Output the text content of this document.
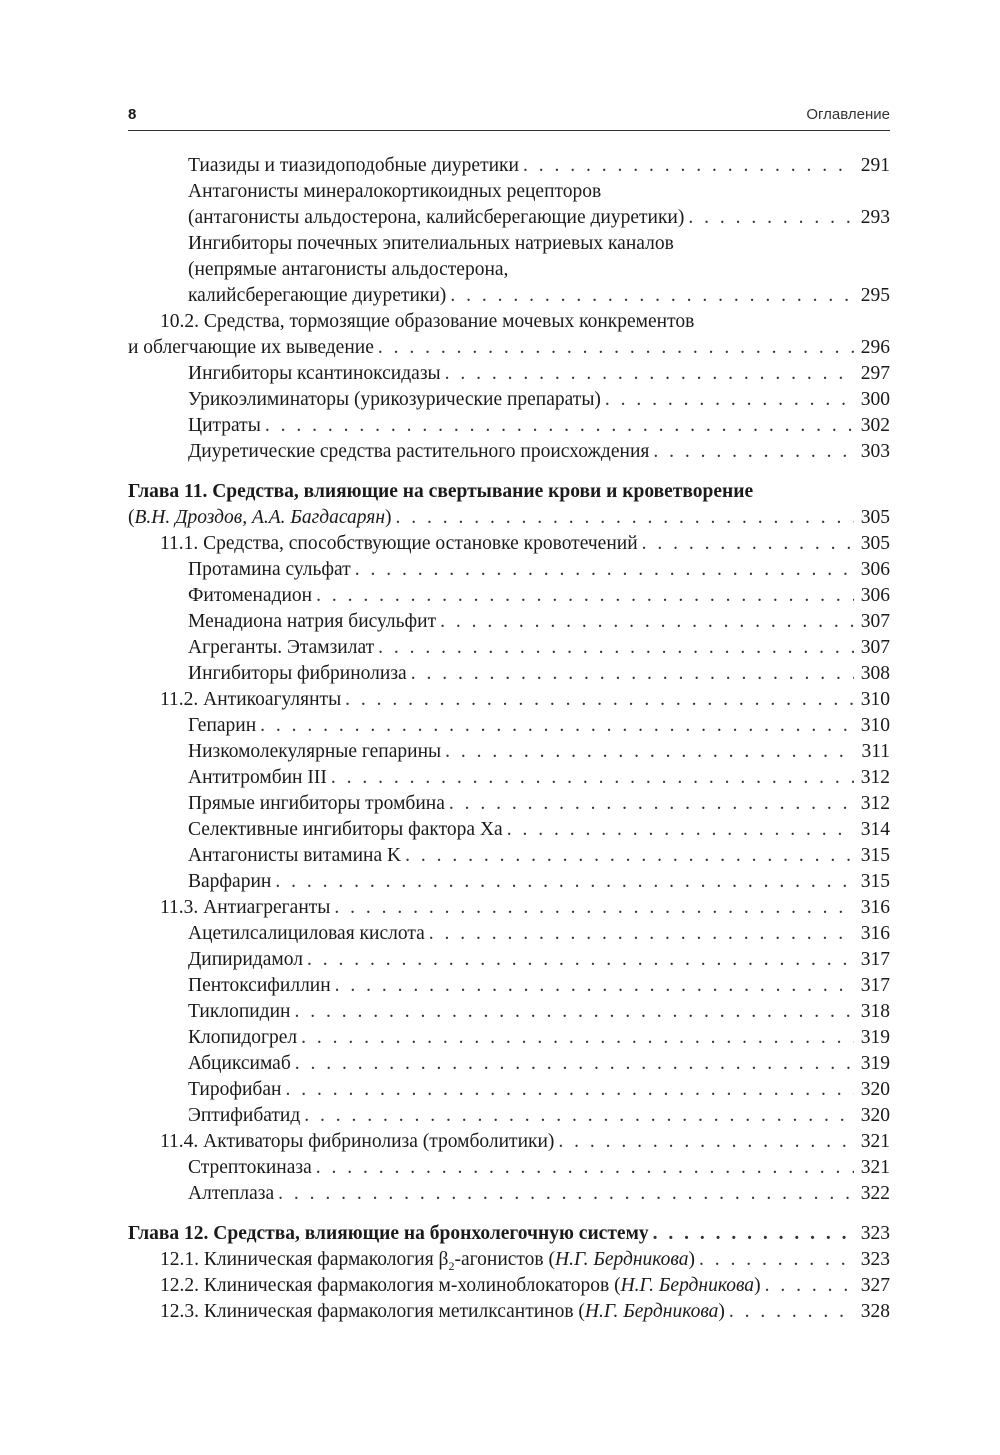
8	Оглавление
Тиазиды и тиазидоподобные диуретики . . .	291
Антагонисты минералокортикоидных рецепторов
(антагонисты альдостерона, калийсберегающие диуретики) . . .	293
Ингибиторы почечных эпителиальных натриевых каналов
(непрямые антагонисты альдостерона,
калийсберегающие диуретики) . . .	295
10.2. Средства, тормозящие образование мочевых конкрементов
и облегчающие их выведение . . .	296
Ингибиторы ксантиноксидазы . . .	297
Урикоэлиминаторы (урикозурические препараты) . . .	300
Цитраты . . .	302
Диуретические средства растительного происхождения . . .	303
Глава 11. Средства, влияющие на свертывание крови и кроветворение
(В.Н. Дроздов, А.А. Багдасарян) . . .	305
11.1. Средства, способствующие остановке кровотечений . . .	305
Протамина сульфат . . .	306
Фитоменадион . . .	306
Менадиона натрия бисульфит . . .	307
Агреганты. Этамзилат . . .	307
Ингибиторы фибринолиза . . .	308
11.2. Антикоагулянты . . .	310
Гепарин . . .	310
Низкомолекулярные гепарины . . .	311
Антитромбин III . . .	312
Прямые ингибиторы тромбина . . .	312
Селективные ингибиторы фактора Xa . . .	314
Антагонисты витамина K . . .	315
Варфарин . . .	315
11.3. Антиагреганты . . .	316
Ацетилсалициловая кислота . . .	316
Дипиридамол . . .	317
Пентоксифиллин . . .	317
Тиклопидин . . .	318
Клопидогрел . . .	319
Абциксимаб . . .	319
Тирофибан . . .	320
Эптифибатид . . .	320
11.4. Активаторы фибринолиза (тромболитики) . . .	321
Стрептокиназа . . .	321
Алтеплаза . . .	322
Глава 12. Средства, влияющие на бронхолегочную систему . . .	323
12.1. Клиническая фармакология $\beta_2$-агонистов (Н.Г. Бердникова) . . .	323
12.2. Клиническая фармакология м-холиноблокаторов (Н.Г. Бердникова) . . .	327
12.3. Клиническая фармакология метилксантинов (Н.Г. Бердникова) . . .	328
